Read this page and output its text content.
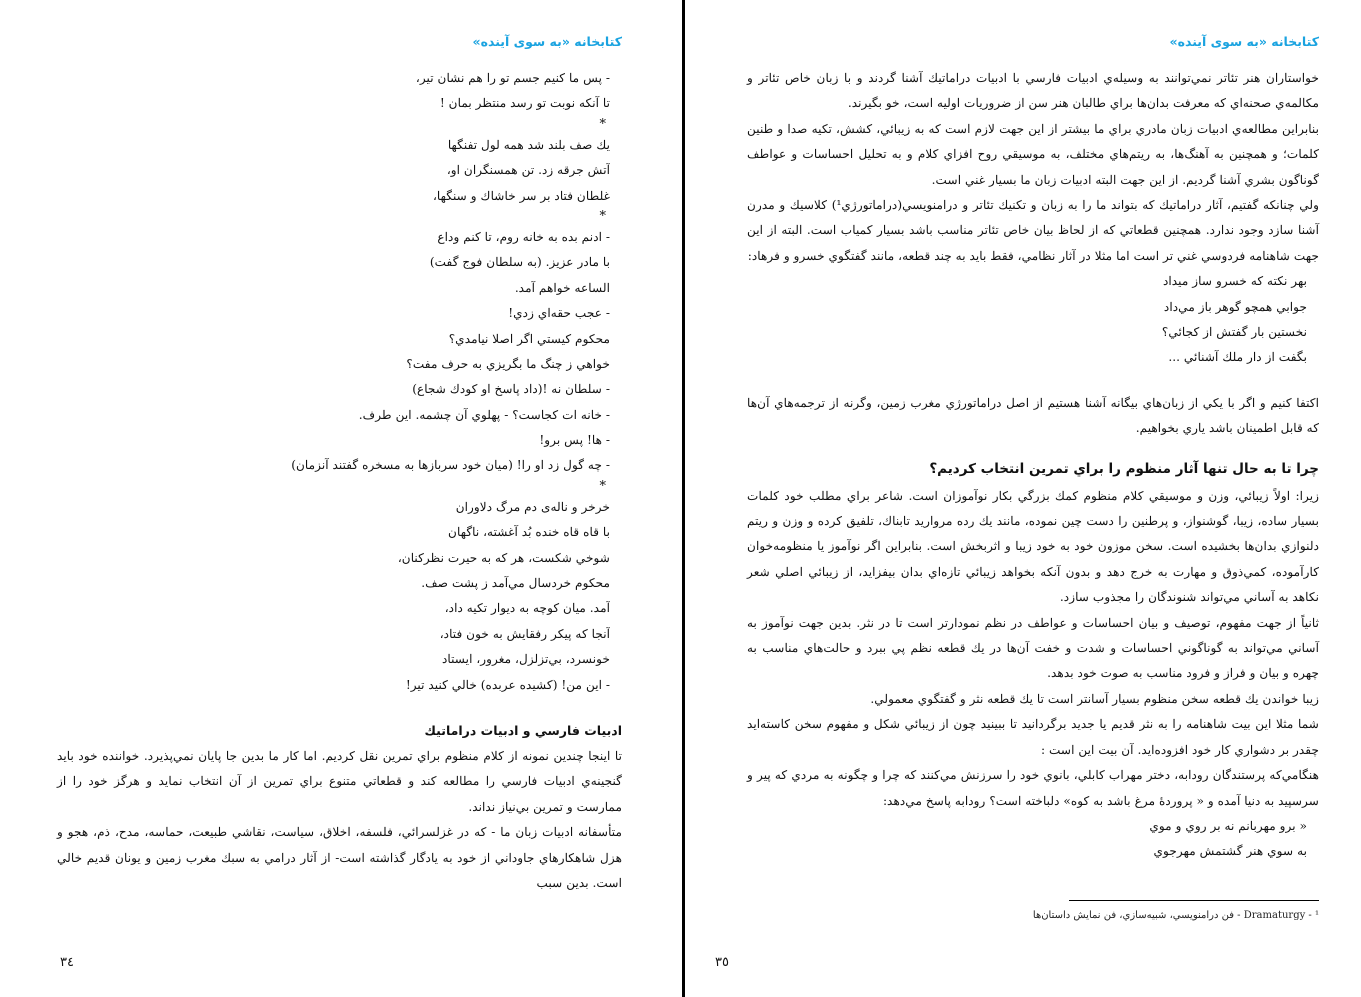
کتابخانه «به سوی آینده»
- پس ما کنيم جسم تو را هم نشان تير،
تا آنکه نوبت تو رسد منتظر بمان !
*
يك صف بلند شد همه لول تفنگها
آتش جرقه زد. تن همسنگران او،
غلطان فتاد بر سر خاشاك و سنگها،
*
- ادنم بده به خانه روم، تا کنم وداع
با مادر عزيز. (به سلطان فوج گفت)
الساعه خواهم آمد.
- عجب حقه‌اي زدي!
محکوم کيستي اگر اصلا نيامدي؟
خواهي ز چنگ ما بگريزي به حرف مفت؟
- سلطان نه !(داد پاسخ او کودك شجاع)
- خانه ات کجاست؟ - پهلوي آن چشمه. اين طرف.
- ها! پس برو!
- چه گول زد او را! (ميان خود سربازها به مسخره گفتند آنزمان)
*
خرخر و ناله‌ی دم مرگ دلاوران
با قاه قاه خنده بُد آغشته، ناگهان
شوخي شکست، هر که به حيرت نظرکنان،
محکوم خردسال مي‌آمد ز پشت صف.
آمد. ميان کوچه به ديوار تکيه داد،
آنجا كه پيكر رفقايش به خون فتاد،
خونسرد، بي‌تزلزل، مغرور، ايستاد
- اين من! (کشيده عربده) خالي کنيد تير!
ادبيات فارسي و ادبيات دراماتيك
تا اينجا چندين نمونه از كلام منظوم براي تمرين نقل كرديم. اما كار ما بدين جا پايان نمي‌پذيرد. خواننده خود بايد گنجينه‌ي ادبيات فارسي را مطالعه كند و قطعاتي متنوع براي تمرين از آن انتخاب نمايد و هرگز خود را از ممارست و تمرين بي‌نياز نداند.
متأسفانه ادبيات زبان ما - كه در غزلسرائي، فلسفه، اخلاق، سياست، نقاشي طبيعت، حماسه، مدح، ذم، هجو و هزل شاهكارهاي جاوداني از خود به يادگار گذاشته است- از آثار درامي به سبك مغرب زمين و يونان قديم خالي است. بدين سبب
٣٤
کتابخانه «به سوی آینده»
خواستاران هنر تئاتر نمي‌توانند به وسيله‌ي ادبيات فارسي با ادبيات دراماتيك آشنا گردند و با زبان خاص تئاتر و مكالمه‌ي صحنه‌اي كه معرفت بدان‌ها براي طالبان هنر سن از ضروريات اوليه است، خو بگيرند.
بنابراين مطالعه‌ي ادبيات زبان مادري براي ما بيشتر از اين جهت لازم است كه به زيبائي، كشش، تكيه صدا و طنين كلمات؛ و همچنين به آهنگ‌ها، به ريتم‌هاي مختلف، به موسيقي روح افزاي كلام و به تحليل احساسات و عواطف گوناگون بشري آشنا گرديم. از اين جهت البته ادبيات زبان ما بسيار غني است.
ولي چنانكه گفتيم، آثار دراماتيك كه بتواند ما را به زبان و تكنيك تئاتر و درامنويسي(دراماتورژي¹) كلاسيك و مدرن آشنا سازد وجود ندارد. همچنين قطعاتي كه از لحاظ بيان خاص تئاتر مناسب باشد بسيار كمياب است. البته از اين جهت شاهنامه فردوسي غني تر است اما مثلا در آثار نظامي، فقط بايد به چند قطعه، مانند گفتگوي خسرو و فرهاد:
بهر نكته كه خسرو ساز ميداد
جوابي همچو گوهر باز مي‌داد
نخستين بار گفتش از كجائي؟
بگفت از دار ملك آشنائي ...
اكتفا كنيم و اگر با يكي از زبان‌هاي بيگانه آشنا هستيم از اصل دراماتورژي مغرب زمين، وگرنه از ترجمه‌هاي آن‌ها كه قابل اطمينان باشد ياري بخواهيم.
چرا تا به حال تنها آثار منظوم را براي تمرين انتخاب كرديم؟
زيرا: اولاً زيبائي، وزن و موسيقي كلام منظوم كمك بزرگي بكار نوآموزان است. شاعر براي مطلب خود كلمات بسيار ساده، زيبا، گوشنواز، و پرطنين را دست چين نموده، مانند يك رده مرواريد تابناك، تلفيق كرده و وزن و ريتم دلنوازي بدان‌ها بخشيده است. سخن موزون خود به خود زيبا و اثربخش است. بنابراين اگر نوآموز يا منظومه‌خوان كارآموده، كمي‌ذوق و مهارت به خرج دهد و بدون آنكه بخواهد زيبائي تازه‌اي بدان بيفزايد، از زيبائي اصلي شعر نكاهد به آساني مي‌تواند شنوندگان را مجذوب سازد.
ثانياً از جهت مفهوم، توصيف و بيان احساسات و عواطف در نظم نمودارتر است تا در نثر. بدين جهت نوآموز به آساني مي‌تواند به گوناگوني احساسات و شدت و خفت آن‌ها در يك قطعه نظم پي ببرد و حالت‌هاي مناسب به چهره و بيان و فراز و فرود مناسب به صوت خود بدهد.
زيبا خواندن يك قطعه سخن منظوم بسيار آسانتر است تا يك قطعه نثر و گفتگوي معمولي.
شما مثلا اين بيت شاهنامه را به نثر قديم يا جديد برگردانيد تا ببينيد چون از زيبائي شكل و مفهوم سخن كاسته‌ايد چقدر بر دشواري كار خود افزوده‌ايد. آن بيت اين است :
هنگامي‌كه پرستندگان رودابه، دختر مهراب كابلي، بانوي خود را سرزنش مي‌كنند كه چرا و چگونه به مردي كه پير و سرسپيد به دنيا آمده و « پروردهٔ مرغ باشد به كوه» دلباخته است؟ رودابه پاسخ مي‌دهد:
« برو مهربانم نه بر روي و موي
به سوي هنر گشتمش مهرجوي
Dramaturgy - ¹ - فن درامنويسي، شبيه‌سازي، فن نمايش داستان‌ها
٣٥
